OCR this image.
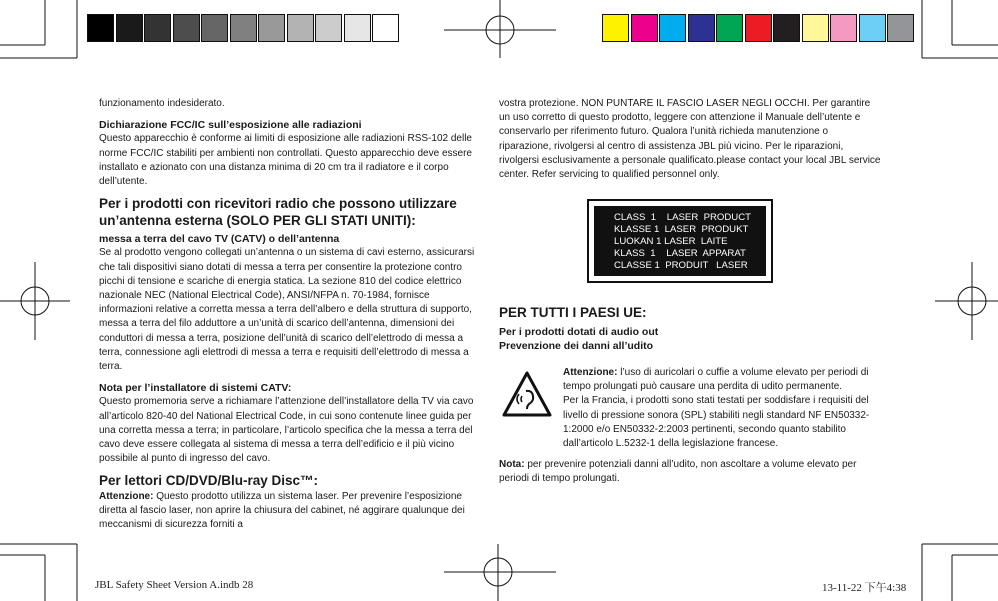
funzionamento indesiderato.

Dichiarazione FCC/IC sull’esposizione alle radiazioni

Questo apparecchio è conforme ai limiti di esposizione alle radiazioni RSS-102 delle norme FCC/IC stabiliti per ambienti non controllati. Questo apparecchio deve essere installato e azionato con una distanza minima di 20 cm tra il radiatore e il corpo dell’utente.

Per i prodotti con ricevitori radio che possono utilizzare un’antenna esterna (SOLO PER GLI STATI UNITI):

messa a terra del cavo TV (CATV) o dell’antenna

Se al prodotto vengono collegati un’antenna o un sistema di cavi esterno, assicurarsi che tali dispositivi siano dotati di messa a terra per consentire la protezione contro picchi di tensione e scariche di energia statica. La sezione 810 del codice elettrico nazionale NEC (National Electrical Code), ANSI/NFPA n. 70-1984, fornisce informazioni relative a corretta messa a terra dell’albero e della struttura di supporto, messa a terra del filo adduttore a un’unità di scarico dell’antenna, dimensioni dei conduttori di messa a terra, posizione dell’unità di scarico dell’elettrodo di messa a terra, connessione agli elettrodi di messa a terra e requisiti dell’elettrodo di messa a terra.

Nota per l’installatore di sistemi CATV:

Questo promemoria serve a richiamare l’attenzione dell’installatore della TV via cavo all’articolo 820-40 del National Electrical Code, in cui sono contenute linee guida per una corretta messa a terra; in particolare, l’articolo specifica che la messa a terra del cavo deve essere collegata al sistema di messa a terra dell’edificio e il più vicino possibile al punto di ingresso del cavo.

Per lettori CD/DVD/Blu-ray Disc™:

Attenzione: Questo prodotto utilizza un sistema laser. Per prevenire l’esposizione diretta al fascio laser, non aprire la chiusura del cabinet, né aggirare qualunque dei meccanismi di sicurezza forniti a

vostra protezione. NON PUNTARE IL FASCIO LASER NEGLI OCCHI. Per garantire un uso corretto di questo prodotto, leggere con attenzione il Manuale dell’utente e conservarlo per riferimento futuro. Qualora l’unità richieda manutenzione o riparazione, rivolgersi al centro di assistenza JBL più vicino. Per le riparazioni, rivolgersi esclusivamente a personale qualificato.please contact your local JBL service center. Refer servicing to qualified personnel only.

CLASS  1    LASER  PRODUCT
KLASSE 1  LASER  PRODUKT
LUOKAN 1 LASER  LAITE
KLASS  1    LASER  APPARAT
CLASSE 1  PRODUIT   LASER

PER TUTTI I PAESI UE:

Per i prodotti dotati di audio out

Prevenzione dei danni all’udito

Attenzione: l’uso di auricolari o cuffie a volume elevato per periodi di tempo prolungati può causare una perdita di udito permanente.

Per la Francia, i prodotti sono stati testati per soddisfare i requisiti del livello di pressione sonora (SPL) stabiliti negli standard NF EN50332-1:2000 e/o EN50332-2:2003 pertinenti, secondo quanto stabilito dall’articolo L.5232-1 della legislazione francese.

Nota: per prevenire potenziali danni all’udito, non ascoltare a volume elevato per periodi di tempo prolungati.

JBL Safety Sheet Version A.indb 28	13-11-22 下午4:38
